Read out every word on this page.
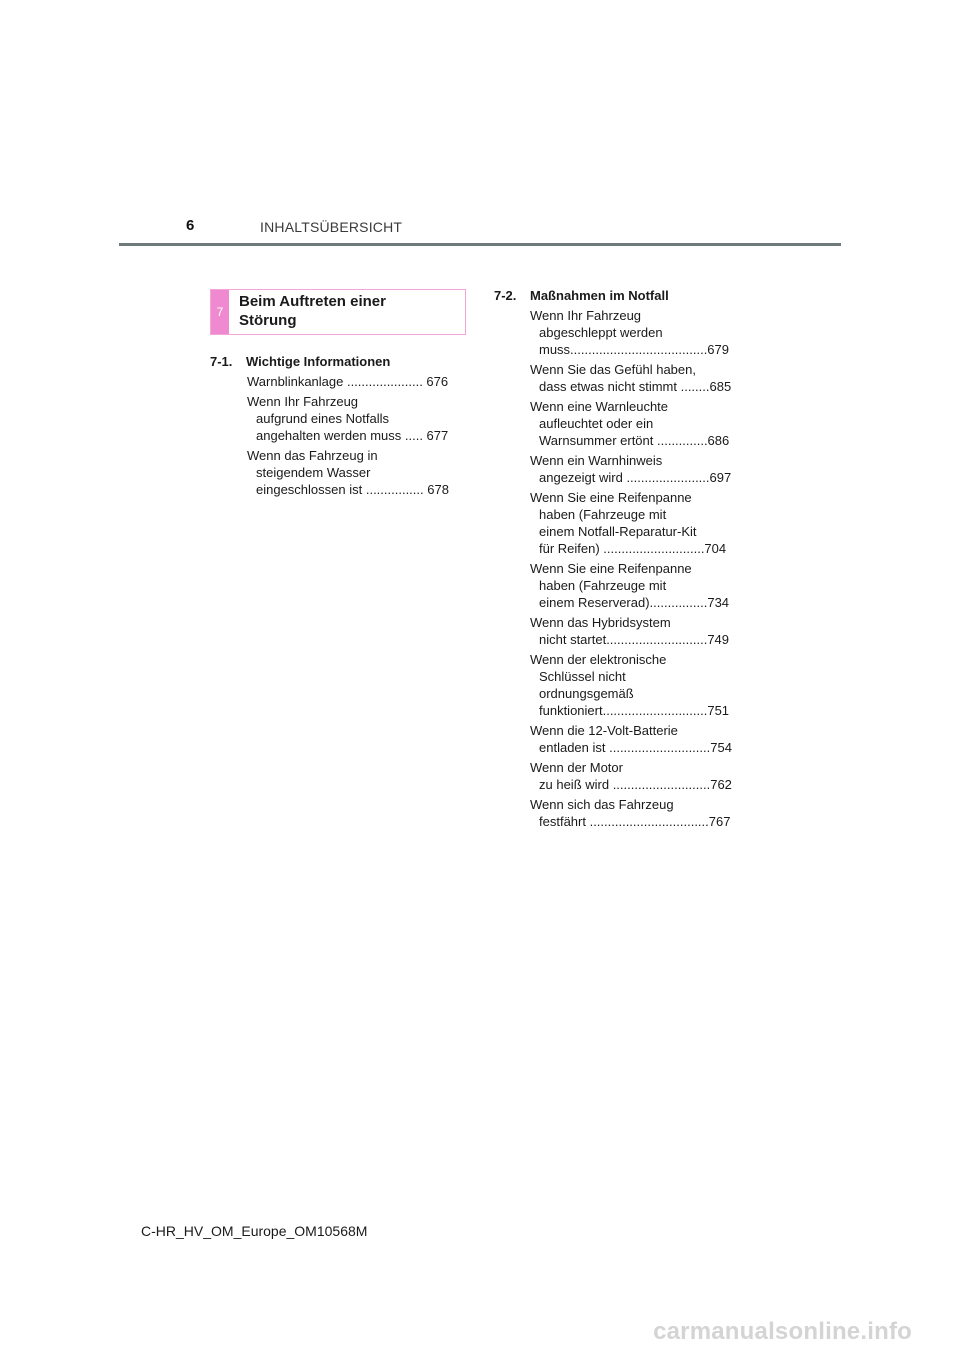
6	INHALTSÜBERSICHT
7
Beim Auftreten einer
Störung
7-1.	Wichtige Informationen
Warnblinkanlage ..................... 676
Wenn Ihr Fahrzeug
aufgrund eines Notfalls
angehalten werden muss ..... 677
Wenn das Fahrzeug in
steigendem Wasser
eingeschlossen ist ................ 678
7-2.	Maßnahmen im Notfall
Wenn Ihr Fahrzeug
abgeschleppt werden
muss......................................679
Wenn Sie das Gefühl haben,
dass etwas nicht stimmt ........685
Wenn eine Warnleuchte
aufleuchtet oder ein
Warnsummer ertönt ..............686
Wenn ein Warnhinweis
angezeigt wird .......................697
Wenn Sie eine Reifenpanne
haben (Fahrzeuge mit
einem Notfall-Reparatur-Kit
für Reifen) ............................704
Wenn Sie eine Reifenpanne
haben (Fahrzeuge mit
einem Reserverad)................734
Wenn das Hybridsystem
nicht startet............................749
Wenn der elektronische
Schlüssel nicht
ordnungsgemäß
funktioniert.............................751
Wenn die 12-Volt-Batterie
entladen ist ............................754
Wenn der Motor
zu heiß wird ...........................762
Wenn sich das Fahrzeug
festfährt .................................767
C-HR_HV_OM_Europe_OM10568M
carmanualsonline.info
